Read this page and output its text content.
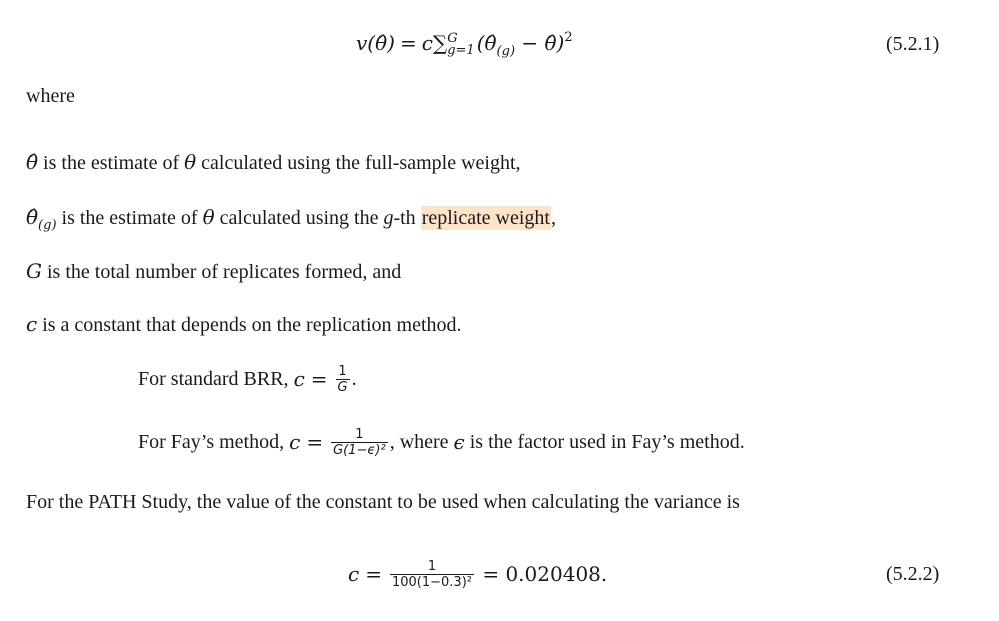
v(θ̂) = c∑ G
g=1 ($\thetâ_{(g)}$ − θ̂)$^2$	(5.2.1)
where
θ̂ is the estimate of θ calculated using the full-sample weight,
$\thetâ_{(g)}$ is the estimate of θ calculated using the g-th replicate weight,
G is the total number of replicates formed, and
c is a constant that depends on the replication method.
For standard BRR, $c = \frac{1}{G}$ .
For Fay’s method, $c = \frac{1}{\text{G(1−ϵ)²}}$ , where ϵ is the factor used in Fay’s method.
For the PATH Study, the value of the constant to be used when calculating the variance is
$c = \frac{1}{\text{100(1−0.3)²}} = 0.020408$.	(5.2.2)
